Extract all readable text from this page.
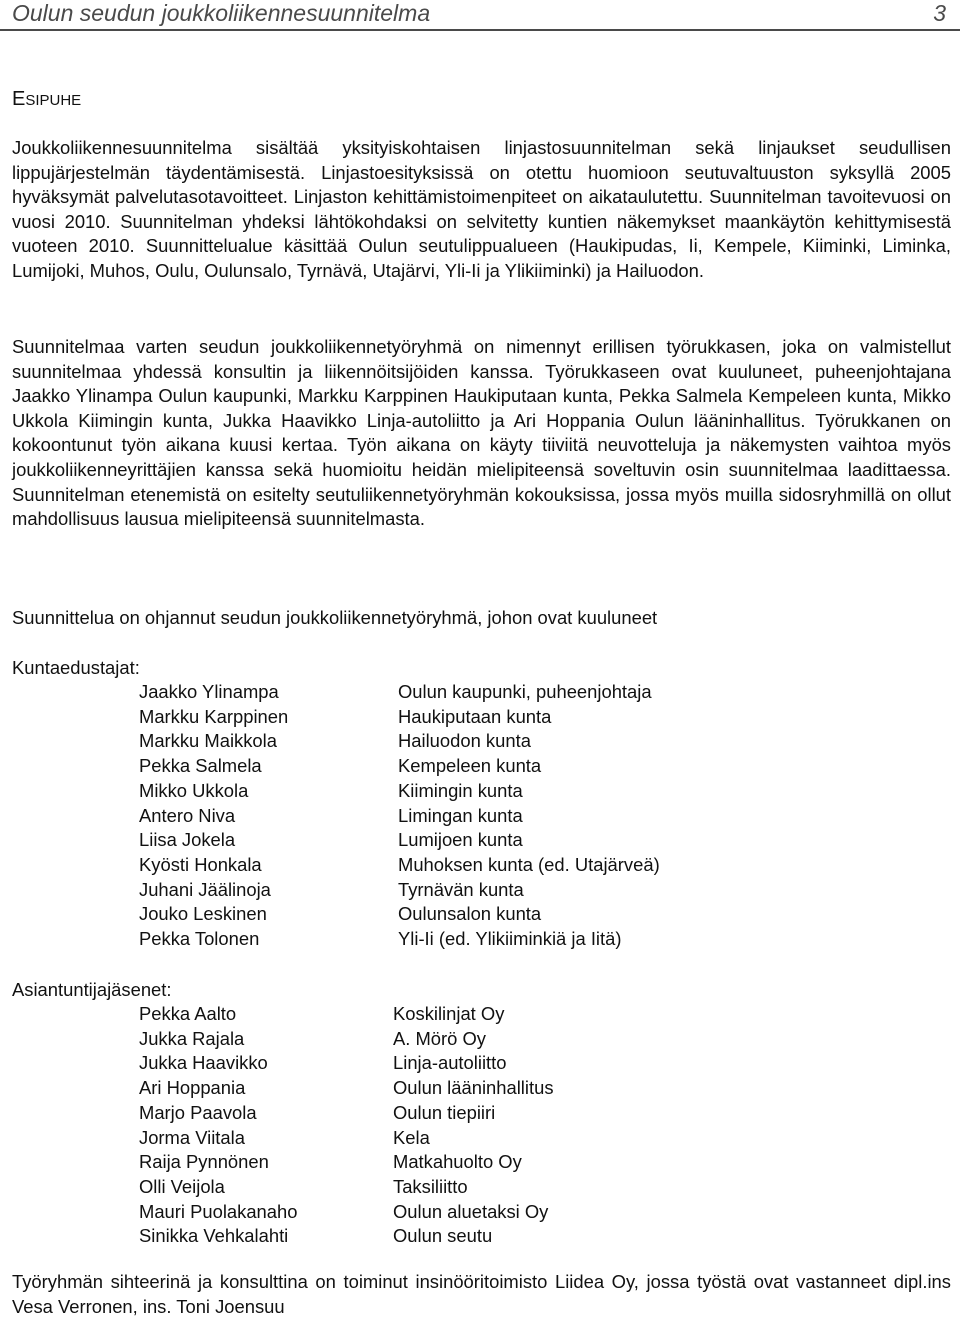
Oulun seudun joukkoliikennesuunnitelma	3
ESIPUHE

Joukkoliikennesuunnitelma sisältää yksityiskohtaisen linjastosuunnitelman sekä linjaukset seudullisen lippujärjestelmän täydentämisestä. Linjastoesityksissä on otettu huomioon seutuvaltuuston syksyllä 2005 hyväksymät palvelutasotavoitteet. Linjaston kehittämistoimenpiteet on aikataulutettu. Suunnitelman tavoitevuosi on vuosi 2010. Suunnitelman yhdeksi lähtökohdaksi on selvitetty kuntien näkemykset maankäytön kehittymisestä vuoteen 2010. Suunnittelualue käsittää Oulun seutulippualueen (Haukipudas, Ii, Kempele, Kiiminki, Liminka, Lumijoki, Muhos, Oulu, Oulunsalo, Tyrnävä, Utajärvi, Yli-Ii ja Ylikiiminki) ja Hailuodon.

Suunnitelmaa varten seudun joukkoliikennetyöryhmä on nimennyt erillisen työrukkasen, joka on valmistellut suunnitelmaa yhdessä konsultin ja liikennöitsijöiden kanssa. Työrukkaseen ovat kuuluneet, puheenjohtajana Jaakko Ylinampa Oulun kaupunki, Markku Karppinen Haukiputaan kunta, Pekka Salmela Kempeleen kunta, Mikko Ukkola Kiimingin kunta, Jukka Haavikko Linja-autoliitto ja Ari Hoppania Oulun lääninhallitus. Työrukkanen on kokoontunut työn aikana kuusi kertaa. Työn aikana on käyty tiiviitä neuvotteluja ja näkemysten vaihtoa myös joukkoliikenneyrittäjien kanssa sekä huomioitu heidän mielipiteensä soveltuvin osin suunnitelmaa laadittaessa. Suunnitelman etenemistä on esitelty seutuliikennetyöryhmän kokouksissa, jossa myös muilla sidosryhmillä on ollut mahdollisuus lausua mielipiteensä suunnitelmasta.

Suunnittelua on ohjannut seudun joukkoliikennetyöryhmä, johon ovat kuuluneet

Kuntaedustajat:
Jaakko Ylinampa
Markku Karppinen
Markku Maikkola
Pekka Salmela
Mikko Ukkola
Antero Niva
Liisa Jokela
Kyösti Honkala
Juhani Jäälinoja
Jouko Leskinen
Pekka Tolonen
Oulun kaupunki, puheenjohtaja
Haukiputaan kunta
Hailuodon kunta
Kempeleen kunta
Kiimingin kunta
Limingan kunta
Lumijoen kunta
Muhoksen kunta (ed. Utajärveä)
Tyrnävän kunta
Oulunsalon kunta
Yli-Ii (ed. Ylikiiminkiä ja Iitä)
Asiantuntijajäsenet:
Pekka Aalto
Jukka Rajala
Jukka Haavikko
Ari Hoppania
Marjo Paavola
Jorma Viitala
Raija Pynnönen
Olli Veijola
Mauri Puolakanaho
Sinikka Vehkalahti
Koskilinjat Oy
A. Mörö Oy
Linja-autoliitto
Oulun lääninhallitus
Oulun tiepiiri
Kela
Matkahuolto Oy
Taksiliitto
Oulun aluetaksi Oy
Oulun seutu

Työryhmän sihteerinä ja konsulttina on toiminut insinööritoimisto Liidea Oy, jossa työstä ovat vastanneet dipl.ins Vesa Verronen, ins. Toni Joensuu
